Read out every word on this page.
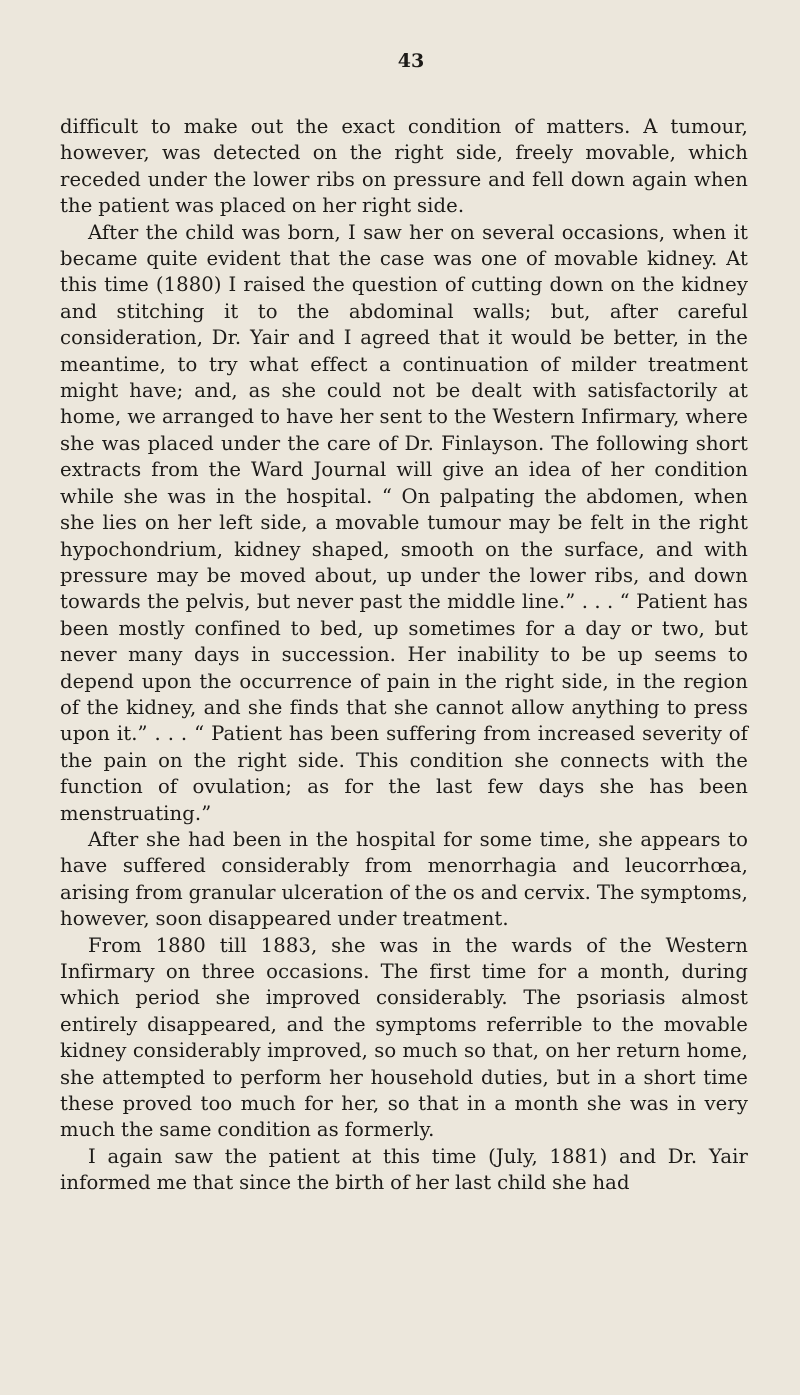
43

difficult to make out the exact condition of matters. A tumour, however, was detected on the right side, freely movable, which receded under the lower ribs on pressure and fell down again when the patient was placed on her right side.

After the child was born, I saw her on several occasions, when it became quite evident that the case was one of movable kidney. At this time (1880) I raised the question of cutting down on the kidney and stitching it to the abdominal walls; but, after careful consideration, Dr. Yair and I agreed that it would be better, in the meantime, to try what effect a continuation of milder treatment might have; and, as she could not be dealt with satisfactorily at home, we arranged to have her sent to the Western Infirmary, where she was placed under the care of Dr. Finlayson. The following short extracts from the Ward Journal will give an idea of her condition while she was in the hospital. “ On palpating the abdomen, when she lies on her left side, a movable tumour may be felt in the right hypochondrium, kidney shaped, smooth on the surface, and with pressure may be moved about, up under the lower ribs, and down towards the pelvis, but never past the middle line.” . . . “ Patient has been mostly confined to bed, up sometimes for a day or two, but never many days in succession. Her inability to be up seems to depend upon the occurrence of pain in the right side, in the region of the kidney, and she finds that she cannot allow anything to press upon it.” . . . “ Patient has been suffering from increased severity of the pain on the right side. This condition she connects with the function of ovulation; as for the last few days she has been menstruating.”

After she had been in the hospital for some time, she appears to have suffered considerably from menorrhagia and leucorrhœa, arising from granular ulceration of the os and cervix. The symptoms, however, soon disappeared under treatment.

From 1880 till 1883, she was in the wards of the Western Infirmary on three occasions. The first time for a month, during which period she improved considerably. The psoriasis almost entirely disappeared, and the symptoms referrible to the movable kidney considerably improved, so much so that, on her return home, she attempted to perform her household duties, but in a short time these proved too much for her, so that in a month she was in very much the same condition as formerly.

I again saw the patient at this time (July, 1881) and Dr. Yair informed me that since the birth of her last child she had
